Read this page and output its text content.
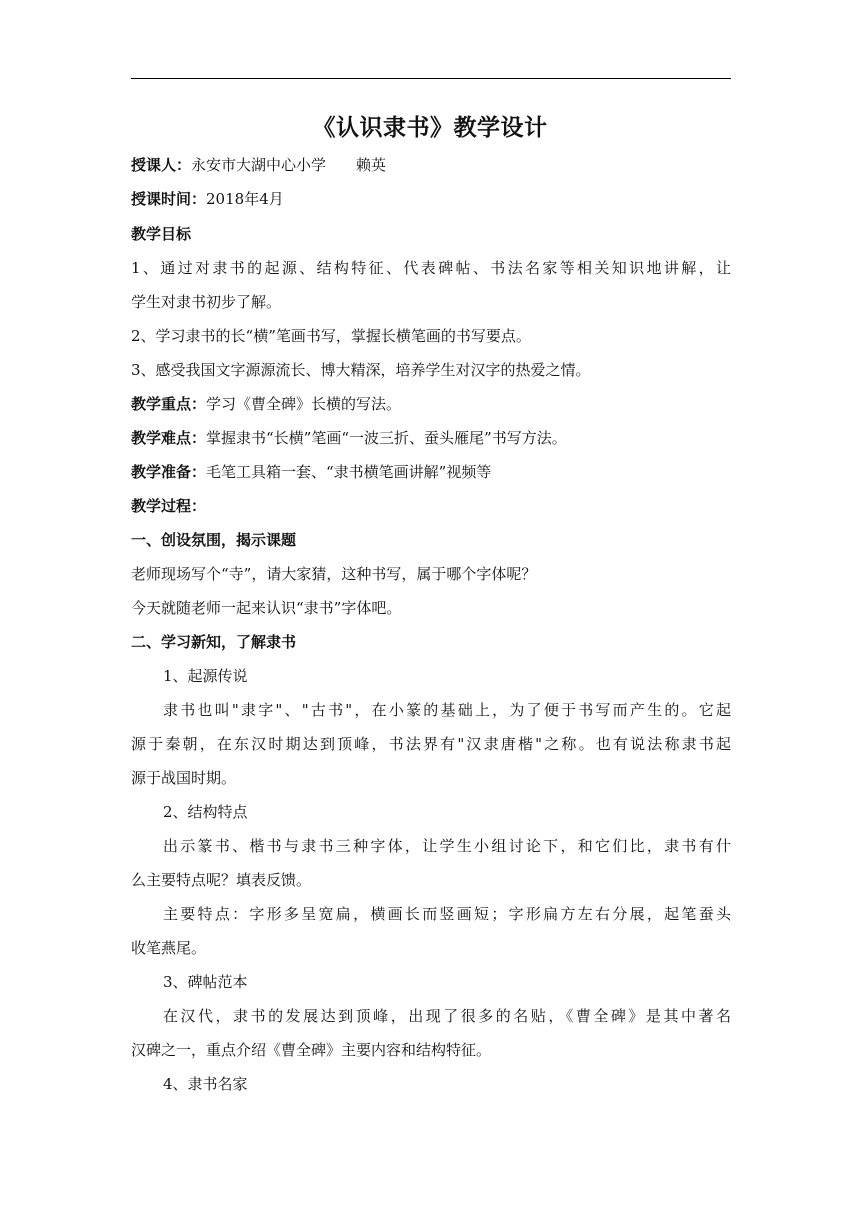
《认识隶书》教学设计
授课人：永安市大湖中心小学　　赖英
授课时间：2018年4月
教学目标
1、通过对隶书的起源、结构特征、代表碑帖、书法名家等相关知识地讲解，让
学生对隶书初步了解。
2、学习隶书的长“横”笔画书写，掌握长横笔画的书写要点。
3、感受我国文字源源流长、博大精深，培养学生对汉字的热爱之情。
教学重点：学习《曹全碑》长横的写法。
教学难点：掌握隶书“长横”笔画“一波三折、蚕头雁尾”书写方法。
教学准备：毛笔工具箱一套、“隶书横笔画讲解”视频等
教学过程：
一、创设氛围，揭示课题
老师现场写个“寺”，请大家猜，这种书写，属于哪个字体呢？
今天就随老师一起来认识“隶书”字体吧。
二、学习新知，了解隶书
1、起源传说
隶书也叫"隶字"、"古书"，在小篆的基础上，为了便于书写而产生的。它起
源于秦朝，在东汉时期达到顶峰，书法界有"汉隶唐楷"之称。也有说法称隶书起
源于战国时期。
2、结构特点
出示篆书、楷书与隶书三种字体，让学生小组讨论下，和它们比，隶书有什
么主要特点呢？填表反馈。
主要特点：字形多呈宽扁，横画长而竖画短；字形扁方左右分展，起笔蚕头
收笔燕尾。
3、碑帖范本
在汉代，隶书的发展达到顶峰，出现了很多的名贴，《曹全碑》是其中著名
汉碑之一，重点介绍《曹全碑》主要内容和结构特征。
4、隶书名家
